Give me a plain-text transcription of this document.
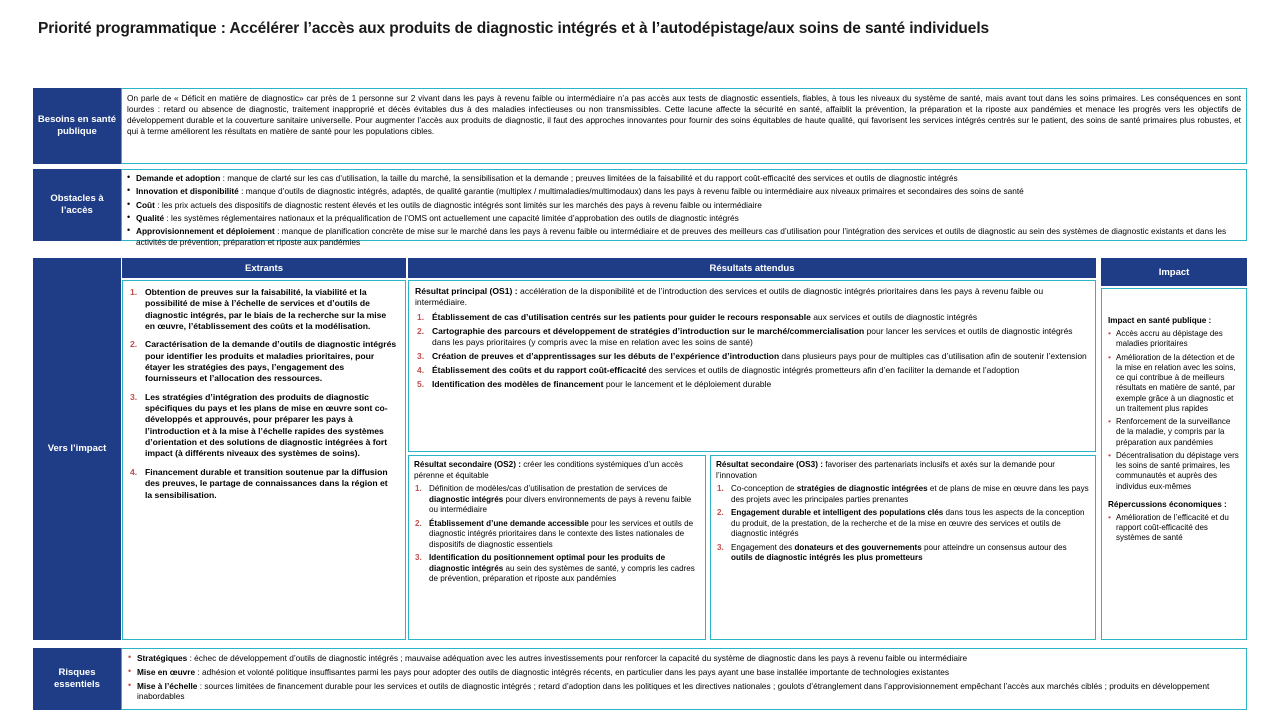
Priorité programmatique : Accélérer l’accès aux produits de diagnostic intégrés et à l’autodépistage/aux soins de santé individuels
Besoins en santé publique
On parle de « Déficit en matière de diagnostic» car près de 1 personne sur 2 vivant dans les pays à revenu faible ou intermédiaire n’a pas accès aux tests de diagnostic essentiels, fiables, à tous les niveaux du système de santé, mais avant tout dans les soins primaires. Les conséquences en sont lourdes : retard ou absence de diagnostic, traitement inapproprié et décès évitables dus à des maladies infectieuses ou non transmissibles. Cette lacune affecte la sécurité en santé, affaiblit la prévention, la préparation et la riposte aux pandémies et menace les progrès vers les objectifs de développement durable et la couverture sanitaire universelle. Pour augmenter l’accès aux produits de diagnostic, il faut des approches innovantes pour fournir des soins équitables de haute qualité, qui favorisent les services intégrés centrés sur le patient, des soins de santé primaires plus robustes, et qui à terme améliorent les résultats en matière de santé pour les populations cibles.
Obstacles à l’accès
• Demande et adoption : manque de clarté sur les cas d’utilisation, la taille du marché, la sensibilisation et la demande ; preuves limitées de la faisabilité et du rapport coût-efficacité des services et outils de diagnostic intégrés
• Innovation et disponibilité : manque d’outils de diagnostic intégrés, adaptés, de qualité garantie (multiplex / multimaladies/multimodaux) dans les pays à revenu faible ou intermédiaire aux niveaux primaires et secondaires des soins de santé
• Coût : les prix actuels des dispositifs de diagnostic restent élevés et les outils de diagnostic intégrés sont limités sur les marchés des pays à revenu faible ou intermédiaire
• Qualité : les systèmes réglementaires nationaux et la préqualification de l’OMS ont actuellement une capacité limitée d’approbation des outils de diagnostic intégrés
• Approvisionnement et déploiement : manque de planification concrète de mise sur le marché dans les pays à revenu faible ou intermédiaire et de preuves des meilleurs cas d’utilisation pour l’intégration des services et outils de diagnostic au sein des systèmes de diagnostic existants et dans les activités de prévention, préparation et riposte aux pandémies
Extrants	Résultats attendus	Impact
Vers l’impact
Obtention de preuves sur la faisabilité, la viabilité et la possibilité de mise à l’échelle de services et d’outils de diagnostic intégrés, par le biais de la recherche sur la mise en œuvre, l’établissement des coûts et la modélisation.
Caractérisation de la demande d’outils de diagnostic intégrés pour identifier les produits et maladies prioritaires, pour étayer les stratégies des pays, l’engagement des fournisseurs et l’allocation des ressources.
Les stratégies d’intégration des produits de diagnostic spécifiques du pays et les plans de mise en œuvre sont co-développés et approuvés, pour préparer les pays à l’introduction et à la mise à l’échelle rapides des systèmes d’orientation et des solutions de diagnostic intégrées à fort impact (à différents niveaux des systèmes de soins).
Financement durable et transition soutenue par la diffusion des preuves, le partage de connaissances dans la région et la sensibilisation.
Résultat principal (OS1) : accélération de la disponibilité et de l’introduction des services et outils de diagnostic intégrés prioritaires dans les pays à revenu faible ou intermédiaire.
Établissement de cas d’utilisation centrés sur les patients pour guider le recours responsable aux services et outils de diagnostic intégrés
Cartographie des parcours et développement de stratégies d’introduction sur le marché/commercialisation pour lancer les services et outils de diagnostic intégrés dans les pays prioritaires (y compris avec la mise en relation avec les soins de santé)
Création de preuves et d’apprentissages sur les débuts de l’expérience d’introduction dans plusieurs pays pour de multiples cas d’utilisation afin de soutenir l’extension
Établissement des coûts et du rapport coût-efficacité des services et outils de diagnostic intégrés prometteurs afin d’en faciliter la demande et l’adoption
Identification des modèles de financement pour le lancement et le déploiement durable
Résultat secondaire (OS2) : créer les conditions systémiques d’un accès pérenne et équitable
Définition de modèles/cas d’utilisation de prestation de services de diagnostic intégrés pour divers environnements de pays à revenu faible ou intermédiaire
Établissement d’une demande accessible pour les services et outils de diagnostic intégrés prioritaires dans le contexte des listes nationales de dispositifs de diagnostic essentiels
Identification du positionnement optimal pour les produits de diagnostic intégrés au sein des systèmes de santé, y compris les cadres de prévention, préparation et riposte aux pandémies
Résultat secondaire (OS3) : favoriser des partenariats inclusifs et axés sur la demande pour l’innovation
Co-conception de stratégies de diagnostic intégrées et de plans de mise en œuvre dans les pays des projets avec les principales parties prenantes
Engagement durable et intelligent des populations clés dans tous les aspects de la conception du produit, de la prestation, de la recherche et de la mise en œuvre des services et outils de diagnostic intégrés
Engagement des donateurs et des gouvernements pour atteindre un consensus autour des outils de diagnostic intégrés les plus prometteurs
Impact en santé publique :
• Accès accru au dépistage des maladies prioritaires
• Amélioration de la détection et de la mise en relation avec les soins, ce qui contribue à de meilleurs résultats en matière de santé, par exemple grâce à un diagnostic et un traitement plus rapides
• Renforcement de la surveillance de la maladie, y compris par la préparation aux pandémies
• Décentralisation du dépistage vers les soins de santé primaires, les communautés et auprès des individus eux-mêmes
Répercussions économiques :
• Amélioration de l’efficacité et du rapport coût-efficacité des systèmes de santé
Risques essentiels
• Stratégiques : échec de développement d’outils de diagnostic intégrés ; mauvaise adéquation avec les autres investissements pour renforcer la capacité du système de diagnostic dans les pays à revenu faible ou intermédiaire
• Mise en œuvre : adhésion et volonté politique insuffisantes parmi les pays pour adopter des outils de diagnostic intégrés récents, en particulier dans les pays ayant une base installée importante de technologies existantes
• Mise à l’échelle : sources limitées de financement durable pour les services et outils de diagnostic intégrés ; retard d’adoption dans les politiques et les directives nationales ; goulots d’étranglement dans l’approvisionnement empêchant l’accès aux marchés ciblés ; produits en développement inabordables
